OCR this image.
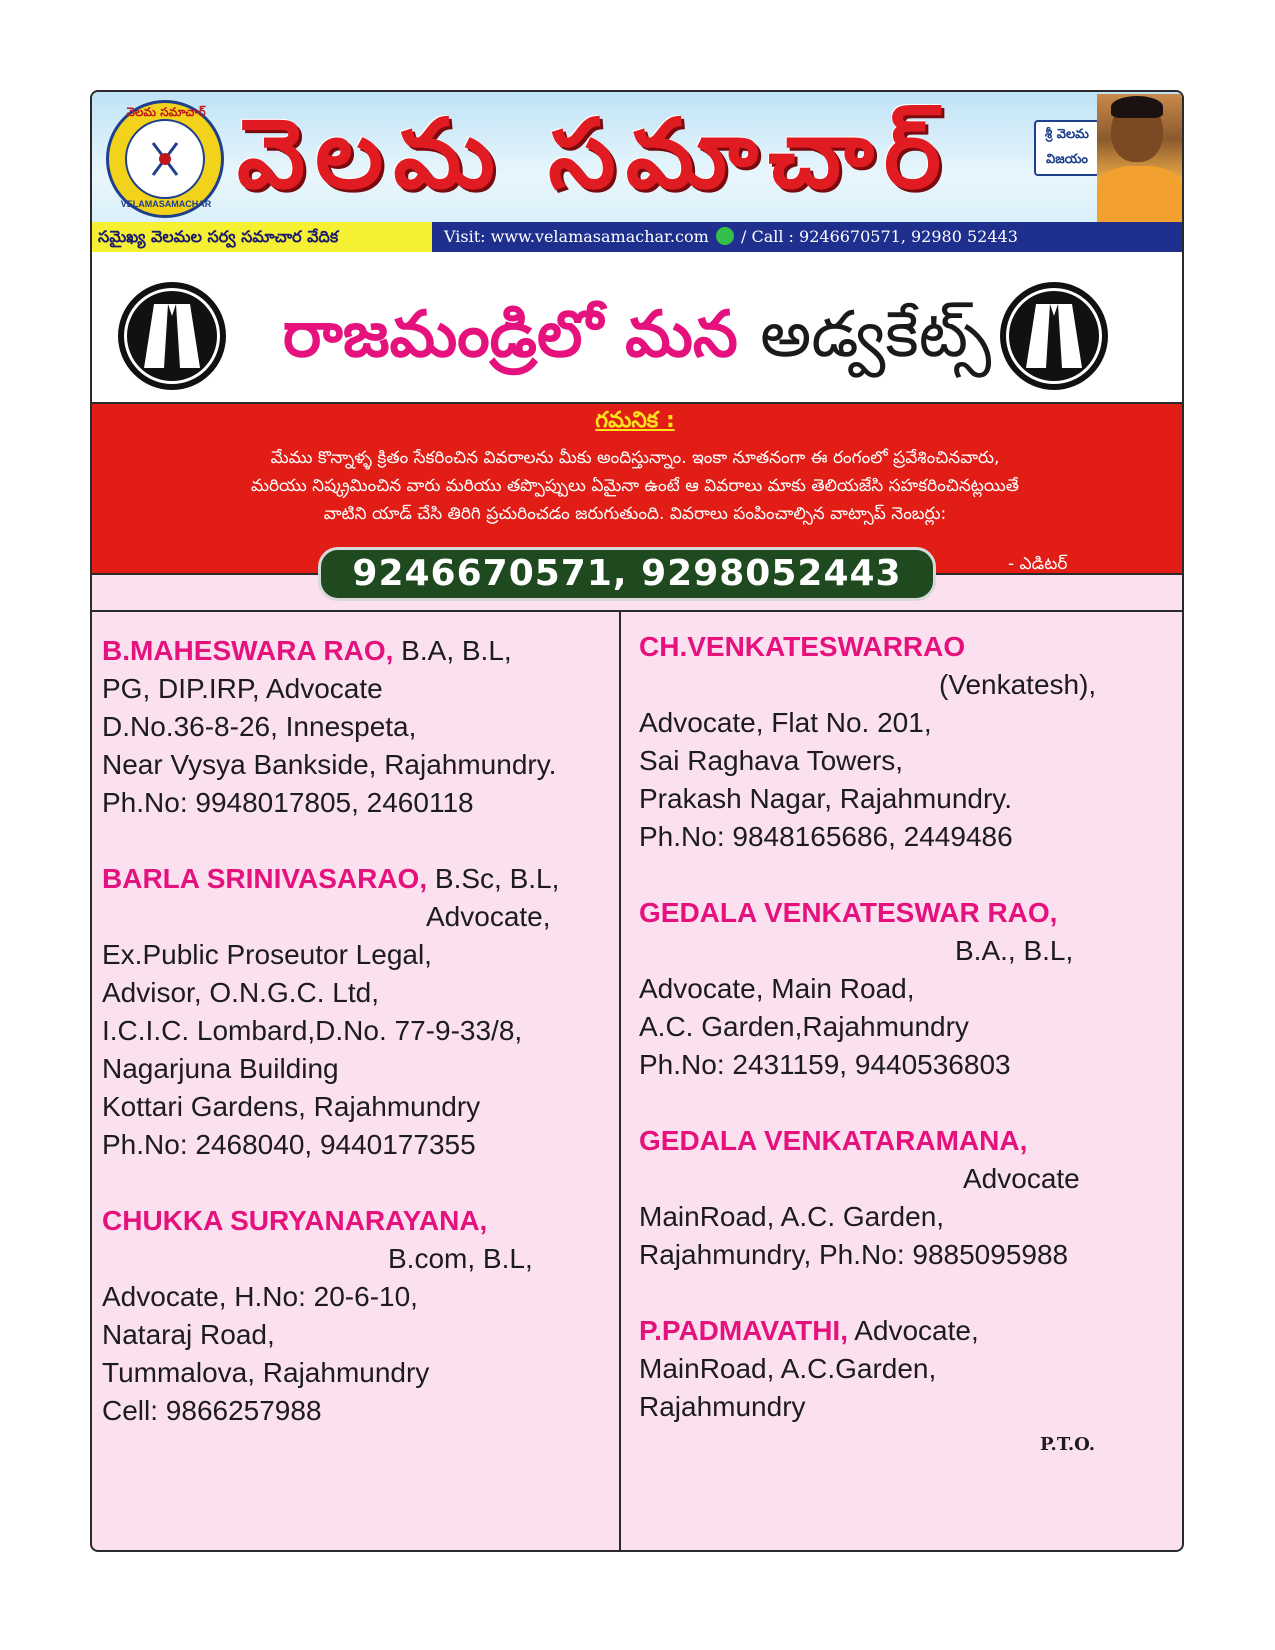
వెలమ సమాచార్
VELAMASAMACHAR వెలమ సమాచార్	శ్రీ వెలమ విజయం
సమైఖ్య వెలమల సర్వ సమాచార వేదిక	Visit: www.velamasamachar.com / Call : 9246670571, 92980 52443
రాజమండ్రిలో మన అడ్వకేట్స్
గమనిక :
మేము కొన్నాళ్ళ క్రితం సేకరించిన వివరాలను మీకు అందిస్తున్నాం. ఇంకా నూతనంగా ఈ రంగంలో ప్రవేశించినవారు,
మరియు నిష్క్రమించిన వారు మరియు తప్పొప్పులు ఏమైనా ఉంటే ఆ వివరాలు మాకు తెలియజేసి సహకరించినట్లయితే
వాటిని యాడ్ చేసి తిరిగి ప్రచురించడం జరుగుతుంది. వివరాలు పంపించాల్సిన వాట్సాప్ నెంబర్లు:
9246670571, 9298052443	- ఎడిటర్

B.MAHESWARA RAO, B.A, B.L,

PG, DIP.IRP, Advocate

D.No.36-8-26, Innespeta,

Near Vysya Bankside, Rajahmundry.

Ph.No: 9948017805, 2460118

BARLA SRINIVASARAO, B.Sc, B.L,

Advocate,

Ex.Public Proseutor Legal,

Advisor, O.N.G.C. Ltd,

I.C.I.C. Lombard,D.No. 77-9-33/8,

Nagarjuna Building

Kottari Gardens, Rajahmundry

Ph.No: 2468040, 9440177355

CHUKKA SURYANARAYANA,

B.com, B.L,

Advocate, H.No: 20-6-10,

Nataraj Road,

Tummalova, Rajahmundry

Cell: 9866257988

CH.VENKATESWARRAO

(Venkatesh),

Advocate, Flat No. 201,

Sai Raghava Towers,

Prakash Nagar, Rajahmundry.

Ph.No: 9848165686, 2449486

GEDALA VENKATESWAR RAO,

B.A., B.L,

Advocate, Main Road,

A.C. Garden,Rajahmundry

Ph.No: 2431159, 9440536803

GEDALA VENKATARAMANA,

Advocate

MainRoad, A.C. Garden,

Rajahmundry, Ph.No: 9885095988

P.PADMAVATHI, Advocate,

MainRoad, A.C.Garden,

Rajahmundry

P.T.O.
